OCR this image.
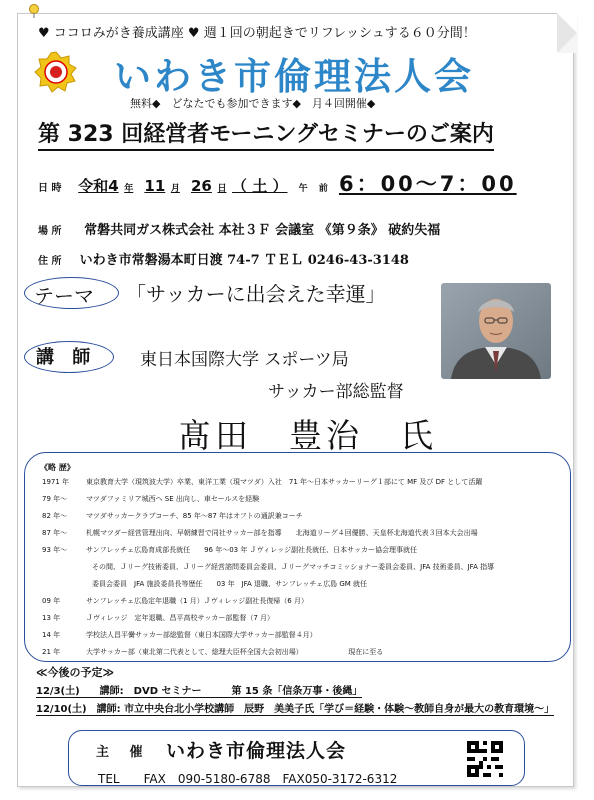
♥ ココロみがき養成講座 ♥ 週１回の朝起きでリフレッシュする６０分間！
いわき市倫理法人会
無料◆　どなたでも参加できます◆　月４回開催◆
第 323 回経営者モーニングセミナーのご案内
日 時 令和4 年 11 月 26 日 （ 土 ） 午 前 6：00～7：00
場 所 常磐共同ガス株式会社 本社３Ｆ 会議室 《第９条》 破約失福
住 所 いわき市常磐湯本町日渡 74-7 ＴＥＬ 0246-43-3148
テーマ 「サッカーに出会えた幸運」
講 師	東日本国際大学 スポーツ局
サッカー部総監督
髙田　豊治　氏
《略 歴》
1971 年 東京教育大学（現筑波大学）卒業、東洋工業（現マツダ）入社　71 年～日本サッカーリーグ１部にて MF 及び DF として活躍
79 年～	マツダファミリア城西へ SE 出向し、車セールスを経験
82 年～	マツダサッカークラブコーチ、85 年～87 年はオフトの通訳兼コーチ
87 年～	札幌マツダー経営管理出向、早朝練習で同社サッカー部を指導　　北海道リーグ４回優勝、天皇杯北海道代表３回本大会出場
93 年～	サンフレッチェ広島育成部長就任　　96 年～03 年 Ｊヴィレッジ副社長就任、日本サッカー協会理事就任
その間、Ｊリーグ技術委員、Ｊリーグ経営諮問委員会委員、Ｊリーグマッチコミッショナー委員会委員、JFA 技術委員、JFA 指導
委員会委員　JFA 施設委員長等歴任　　03 年　JFA 退職、サンフレッチェ広島 GM 就任
09 年	サンフレッチェ広島定年退職（1 月）Ｊヴィレッジ副社長復帰（6 月）
13 年	Ｊヴィレッジ　定年退職、昌平高校サッカー部監督（7 月）
14 年	学校法人昌平黌サッカー部総監督（東日本国際大学サッカー部監督４月）
21 年	大学サッカー部（東北第二代表として、総理大臣杯全国大会初出場）　　　　　　　現在に至る
≪今後の予定≫
12/3(土)　　講師:　DVD セミナー　　　第 15 条「信条万事・後縄」
12/10(土)　講師: 市立中央台北小学校講師　辰野　美美子氏「学び＝経験・体験～教師自身が最大の教育環境～」
主 催 いわき市倫理法人会
TEL　　FAX　090-5180-6788　FAX050-3172-6312
